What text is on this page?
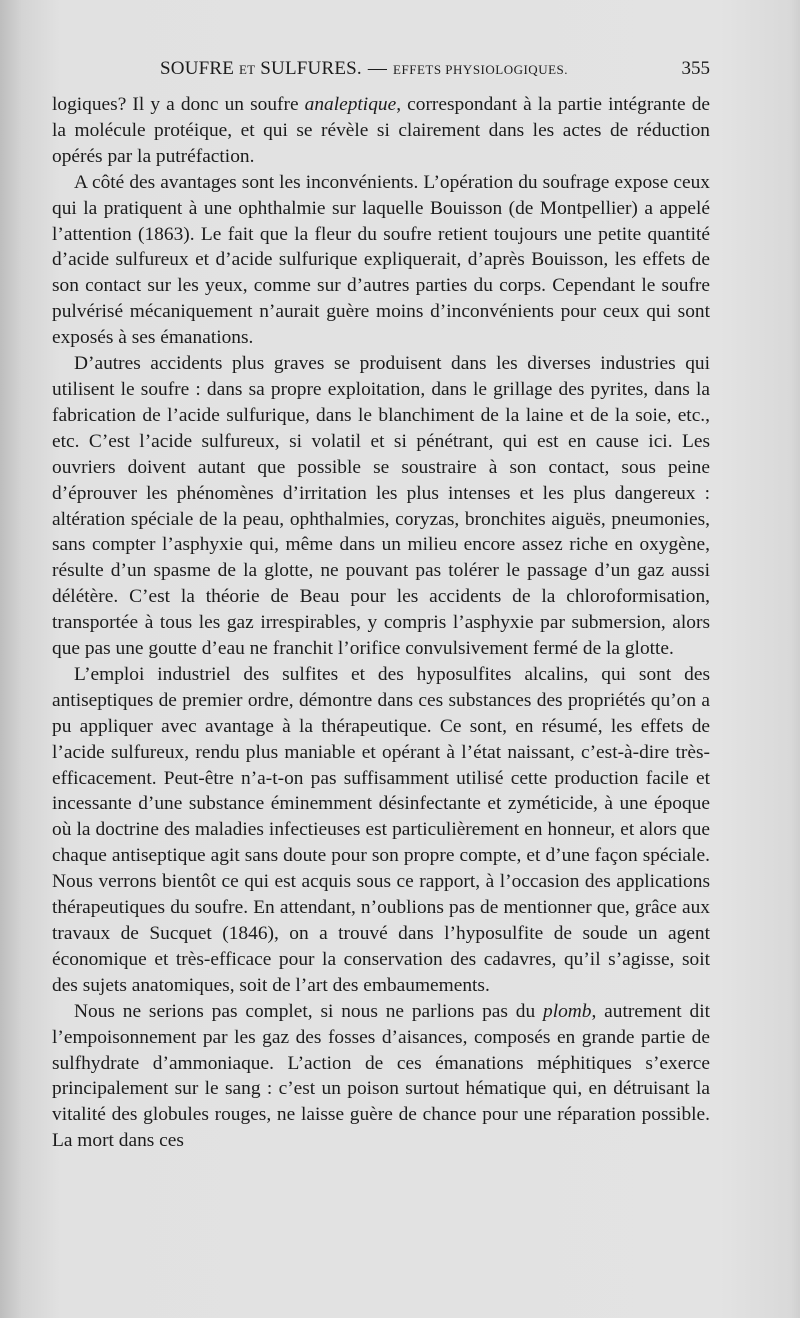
SOUFRE ET SULFURES. — EFFETS PHYSIOLOGIQUES.	355

logiques? Il y a donc un soufre analeptique, correspondant à la partie intégrante de la molécule protéique, et qui se révèle si clairement dans les actes de réduction opérés par la putréfaction.

A côté des avantages sont les inconvénients. L’opération du soufrage expose ceux qui la pratiquent à une ophthalmie sur laquelle Bouisson (de Montpellier) a appelé l’attention (1863). Le fait que la fleur du soufre retient toujours une petite quantité d’acide sulfureux et d’acide sulfurique expliquerait, d’après Bouisson, les effets de son contact sur les yeux, comme sur d’autres parties du corps. Cependant le soufre pulvérisé mécaniquement n’aurait guère moins d’inconvénients pour ceux qui sont exposés à ses émanations.

D’autres accidents plus graves se produisent dans les diverses industries qui utilisent le soufre : dans sa propre exploitation, dans le grillage des pyrites, dans la fabrication de l’acide sulfurique, dans le blanchiment de la laine et de la soie, etc., etc. C’est l’acide sulfureux, si volatil et si pénétrant, qui est en cause ici. Les ouvriers doivent autant que possible se soustraire à son contact, sous peine d’éprouver les phénomènes d’irritation les plus intenses et les plus dangereux : altération spéciale de la peau, ophthalmies, coryzas, bronchites aiguës, pneumonies, sans compter l’asphyxie qui, même dans un milieu encore assez riche en oxygène, résulte d’un spasme de la glotte, ne pouvant pas tolérer le passage d’un gaz aussi délétère. C’est la théorie de Beau pour les accidents de la chloroformisation, transportée à tous les gaz irrespirables, y compris l’asphyxie par submersion, alors que pas une goutte d’eau ne franchit l’orifice convulsivement fermé de la glotte.

L’emploi industriel des sulfites et des hyposulfites alcalins, qui sont des antiseptiques de premier ordre, démontre dans ces substances des propriétés qu’on a pu appliquer avec avantage à la thérapeutique. Ce sont, en résumé, les effets de l’acide sulfureux, rendu plus maniable et opérant à l’état naissant, c’est-à-dire très-efficacement. Peut-être n’a-t-on pas suffisamment utilisé cette production facile et incessante d’une substance éminemment désinfectante et zyméticide, à une époque où la doctrine des maladies infectieuses est particulièrement en honneur, et alors que chaque antiseptique agit sans doute pour son propre compte, et d’une façon spéciale. Nous verrons bientôt ce qui est acquis sous ce rapport, à l’occasion des applications thérapeutiques du soufre. En attendant, n’oublions pas de mentionner que, grâce aux travaux de Sucquet (1846), on a trouvé dans l’hyposulfite de soude un agent économique et très-efficace pour la conservation des cadavres, qu’il s’agisse, soit des sujets anatomiques, soit de l’art des embaumements.

Nous ne serions pas complet, si nous ne parlions pas du plomb, autrement dit l’empoisonnement par les gaz des fosses d’aisances, composés en grande partie de sulfhydrate d’ammoniaque. L’action de ces émanations méphitiques s’exerce principalement sur le sang : c’est un poison surtout hématique qui, en détruisant la vitalité des globules rouges, ne laisse guère de chance pour une réparation possible. La mort dans ces
